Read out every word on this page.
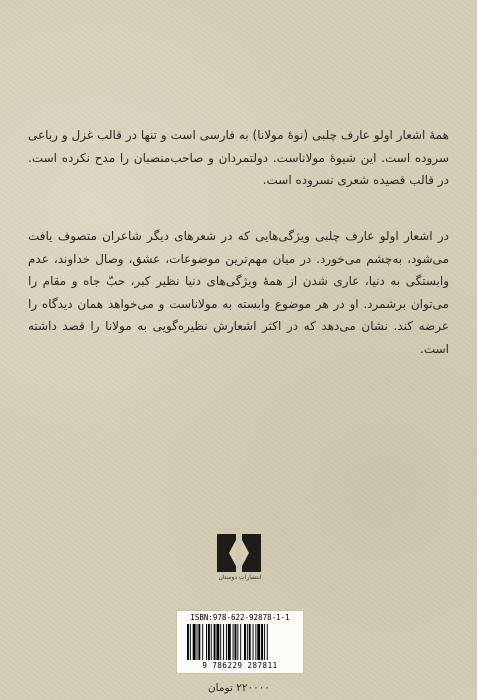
همهٔ اشعار اولو عارف چلبی (نوهٔ مولانا) به فارسی است و تنها در قالب غزل و رباعی سروده است. این شیوهٔ مولاناست. دولتمردان و صاحب‌منصبان را مدح نکرده است. در قالب قصیده شعری نسروده است.
در اشعار اولو عارف چلبی ویژگی‌هایی که در شعرهای دیگر شاعران متصوف یافت می‌شود، به‌چشم می‌خورد. در میان مهم‌ترین موضوعات، عشق، وصال خداوند، عدم وابستگی به دنیا، عاری شدن از همهٔ ویژگی‌های دنیا نظیر کبر، حبّ جاه و مقام را می‌توان برشمرد. او در هر موضوع وابسته به مولاناست و می‌خواهد همان دیدگاه را عرضه کند. نشان می‌دهد که در اکثر اشعارش نظیره‌گویی به مولانا را قصد داشته است.
انتشارات دوستان
ISBN:978-622-92878-1-1
9 786229 287811
۲۲۰۰۰۰ تومان
